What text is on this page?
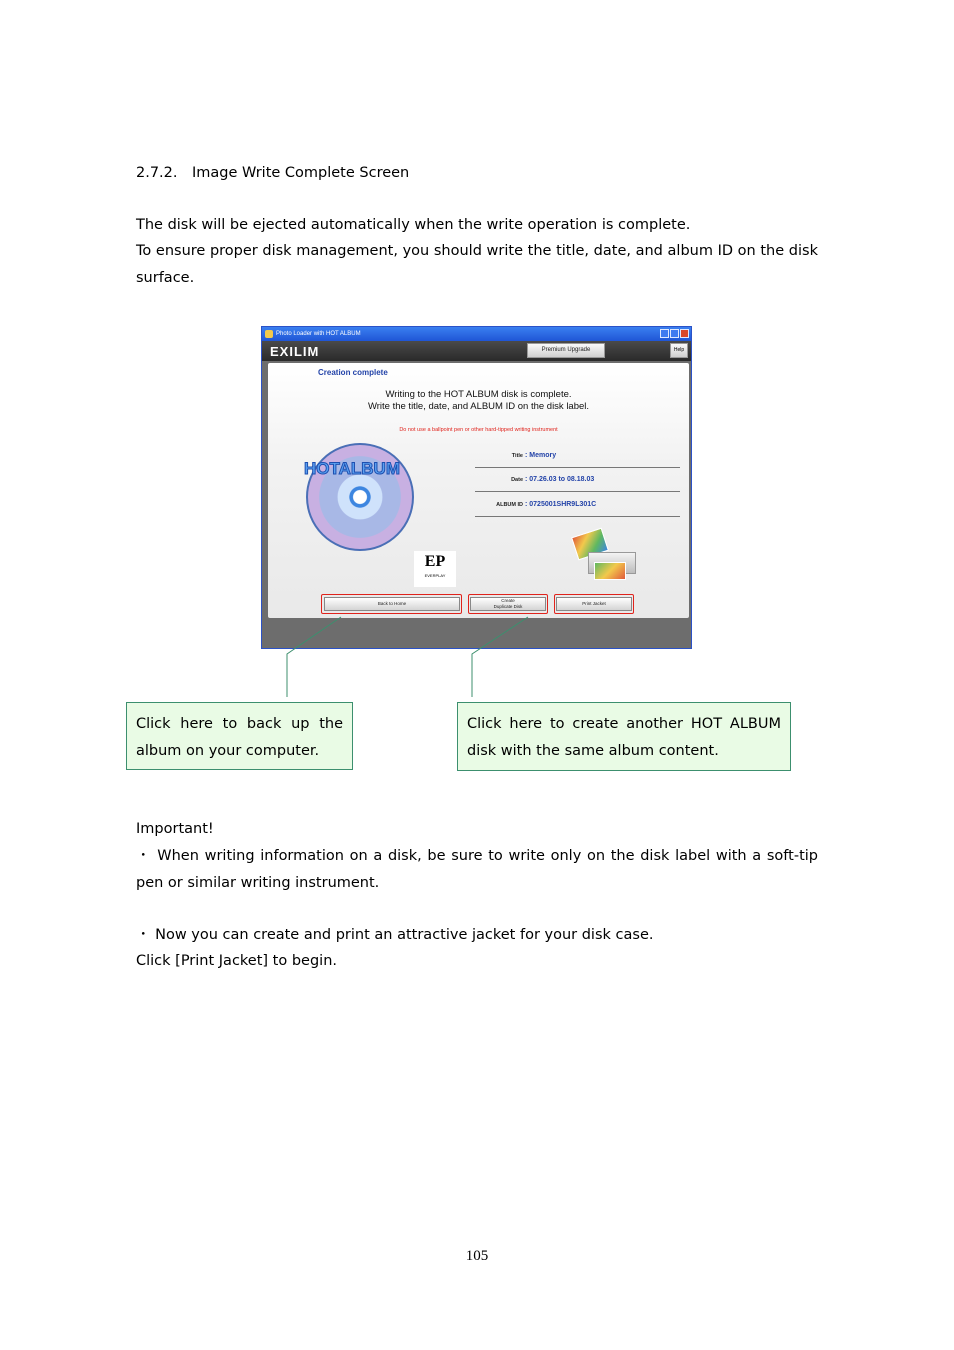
2.7.2. Image Write Complete Screen
The disk will be ejected automatically when the write operation is complete.
To ensure proper disk management, you should write the title, date, and album ID on the disk surface.
Photo Loader with HOT ALBUM
EXILIM	Premium Upgrade	Help
Creation complete
Writing to the HOT ALBUM disk is complete.
Write the title, date, and ALBUM ID on the disk label.
Do not use a ballpoint pen or other hard-tipped writing instrument
HOTALBUM
EP
EVERPLAY
Title : Memory
Date : 07.26.03 to 08.18.03
ALBUM ID : 0725001SHR9L301C
Back to Home
Create
Duplicate Disk
Print Jacket
Click here to back up the album on your computer.
Click here to create another HOT ALBUM disk with the same album content.
Important!
・ When writing information on a disk, be sure to write only on the disk label with a soft-tip pen or similar writing instrument.
・ Now you can create and print an attractive jacket for your disk case.
Click [Print Jacket] to begin.
105
